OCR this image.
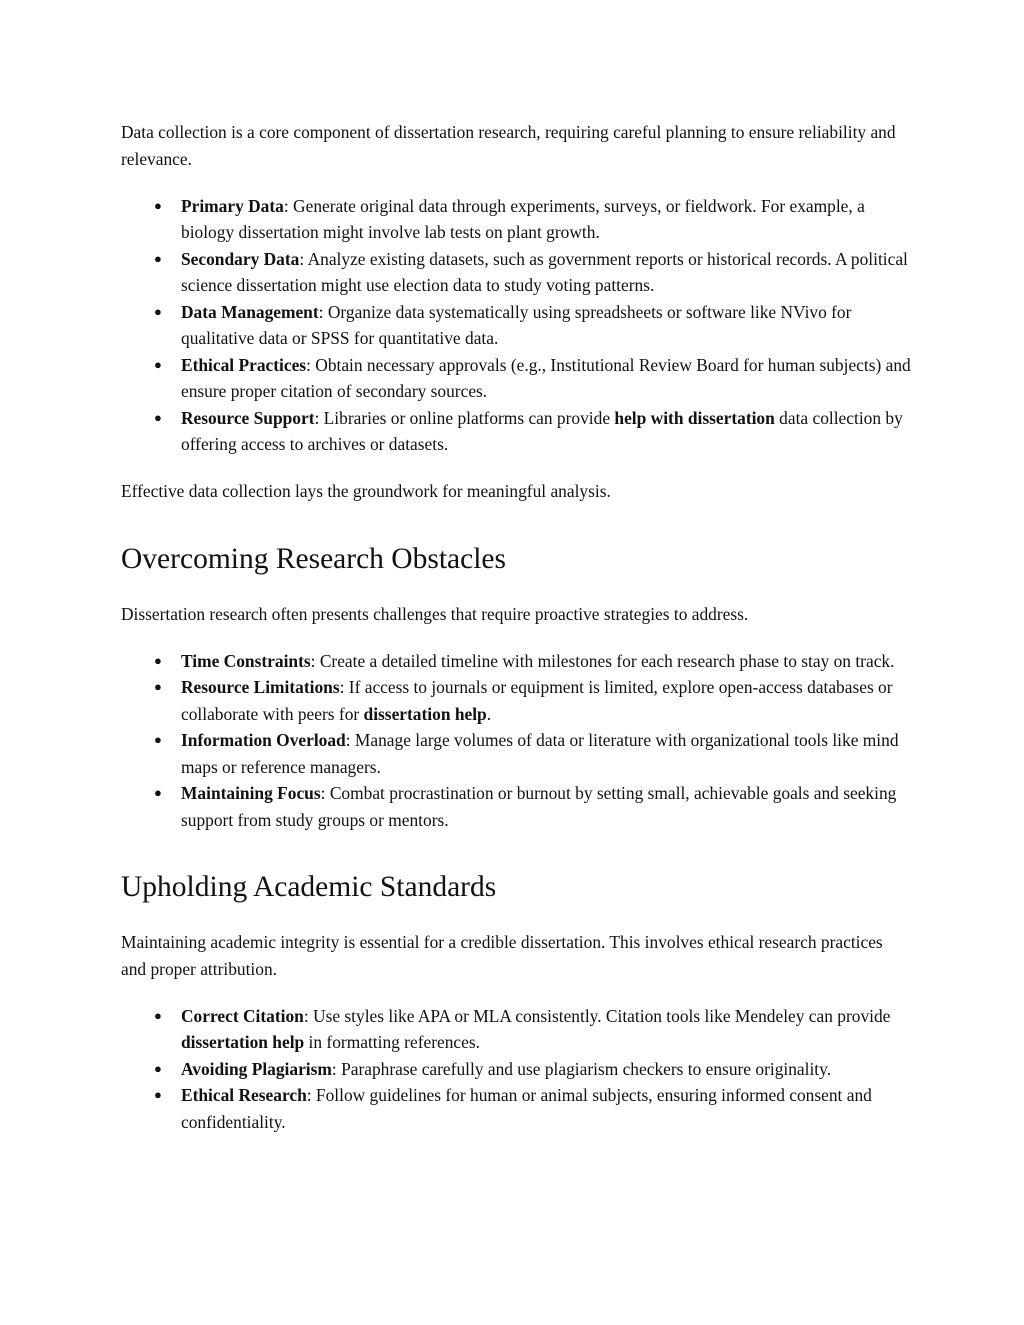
Data collection is a core component of dissertation research, requiring careful planning to ensure reliability and relevance.

● Primary Data: Generate original data through experiments, surveys, or fieldwork. For example, a biology dissertation might involve lab tests on plant growth.
● Secondary Data: Analyze existing datasets, such as government reports or historical records. A political science dissertation might use election data to study voting patterns.
● Data Management: Organize data systematically using spreadsheets or software like NVivo for qualitative data or SPSS for quantitative data.
● Ethical Practices: Obtain necessary approvals (e.g., Institutional Review Board for human subjects) and ensure proper citation of secondary sources.
● Resource Support: Libraries or online platforms can provide help with dissertation data collection by offering access to archives or datasets.

Effective data collection lays the groundwork for meaningful analysis.

Overcoming Research Obstacles

Dissertation research often presents challenges that require proactive strategies to address.

● Time Constraints: Create a detailed timeline with milestones for each research phase to stay on track.
● Resource Limitations: If access to journals or equipment is limited, explore open-access databases or collaborate with peers for dissertation help.
● Information Overload: Manage large volumes of data or literature with organizational tools like mind maps or reference managers.
● Maintaining Focus: Combat procrastination or burnout by setting small, achievable goals and seeking support from study groups or mentors.
Upholding Academic Standards

Maintaining academic integrity is essential for a credible dissertation. This involves ethical research practices and proper attribution.

● Correct Citation: Use styles like APA or MLA consistently. Citation tools like Mendeley can provide dissertation help in formatting references.
● Avoiding Plagiarism: Paraphrase carefully and use plagiarism checkers to ensure originality.
● Ethical Research: Follow guidelines for human or animal subjects, ensuring informed consent and confidentiality.
